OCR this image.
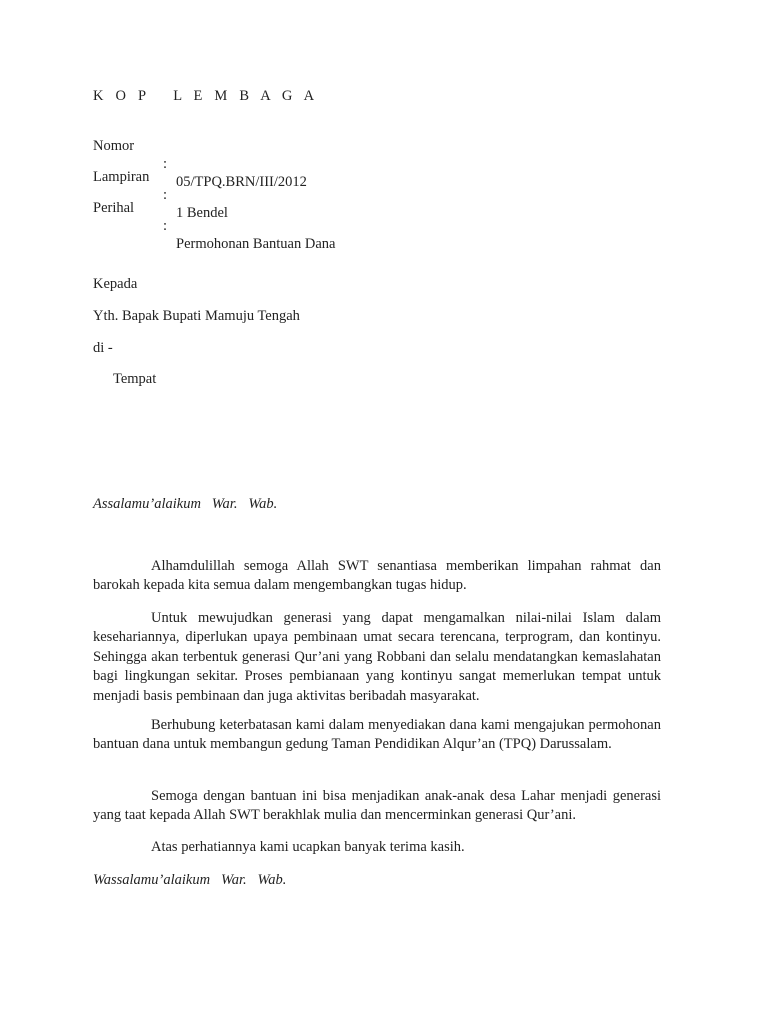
K O P   L E M B A G A

Nomor

:

05/TPQ.BRN/III/2012

Lampiran

:

1 Bendel

Perihal

:

Permohonan Bantuan Dana

Kepada
Yth. Bapak Bupati Mamuju Tengah
di -
Tempat
Assalamu’alaikum   War.   Wab.
Alhamdulillah semoga Allah SWT senantiasa memberikan limpahan rahmat dan barokah kepada kita semua dalam mengembangkan tugas hidup.
Untuk mewujudkan generasi yang dapat mengamalkan nilai-nilai Islam dalam kesehariannya, diperlukan upaya pembinaan umat secara terencana, terprogram, dan kontinyu. Sehingga akan terbentuk generasi Qur’ani yang Robbani dan selalu mendatangkan kemaslahatan bagi lingkungan sekitar. Proses pembianaan yang kontinyu sangat memerlukan tempat untuk menjadi basis pembinaan dan juga aktivitas beribadah masyarakat.
Berhubung keterbatasan kami dalam menyediakan dana kami mengajukan permohonan bantuan dana untuk membangun gedung Taman Pendidikan Alqur’an (TPQ) Darussalam.
Semoga dengan bantuan ini bisa menjadikan anak-anak desa Lahar menjadi generasi yang taat kepada Allah SWT berakhlak mulia dan mencerminkan generasi Qur’ani.
Atas perhatiannya kami ucapkan banyak terima kasih.
Wassalamu’alaikum   War.   Wab.
